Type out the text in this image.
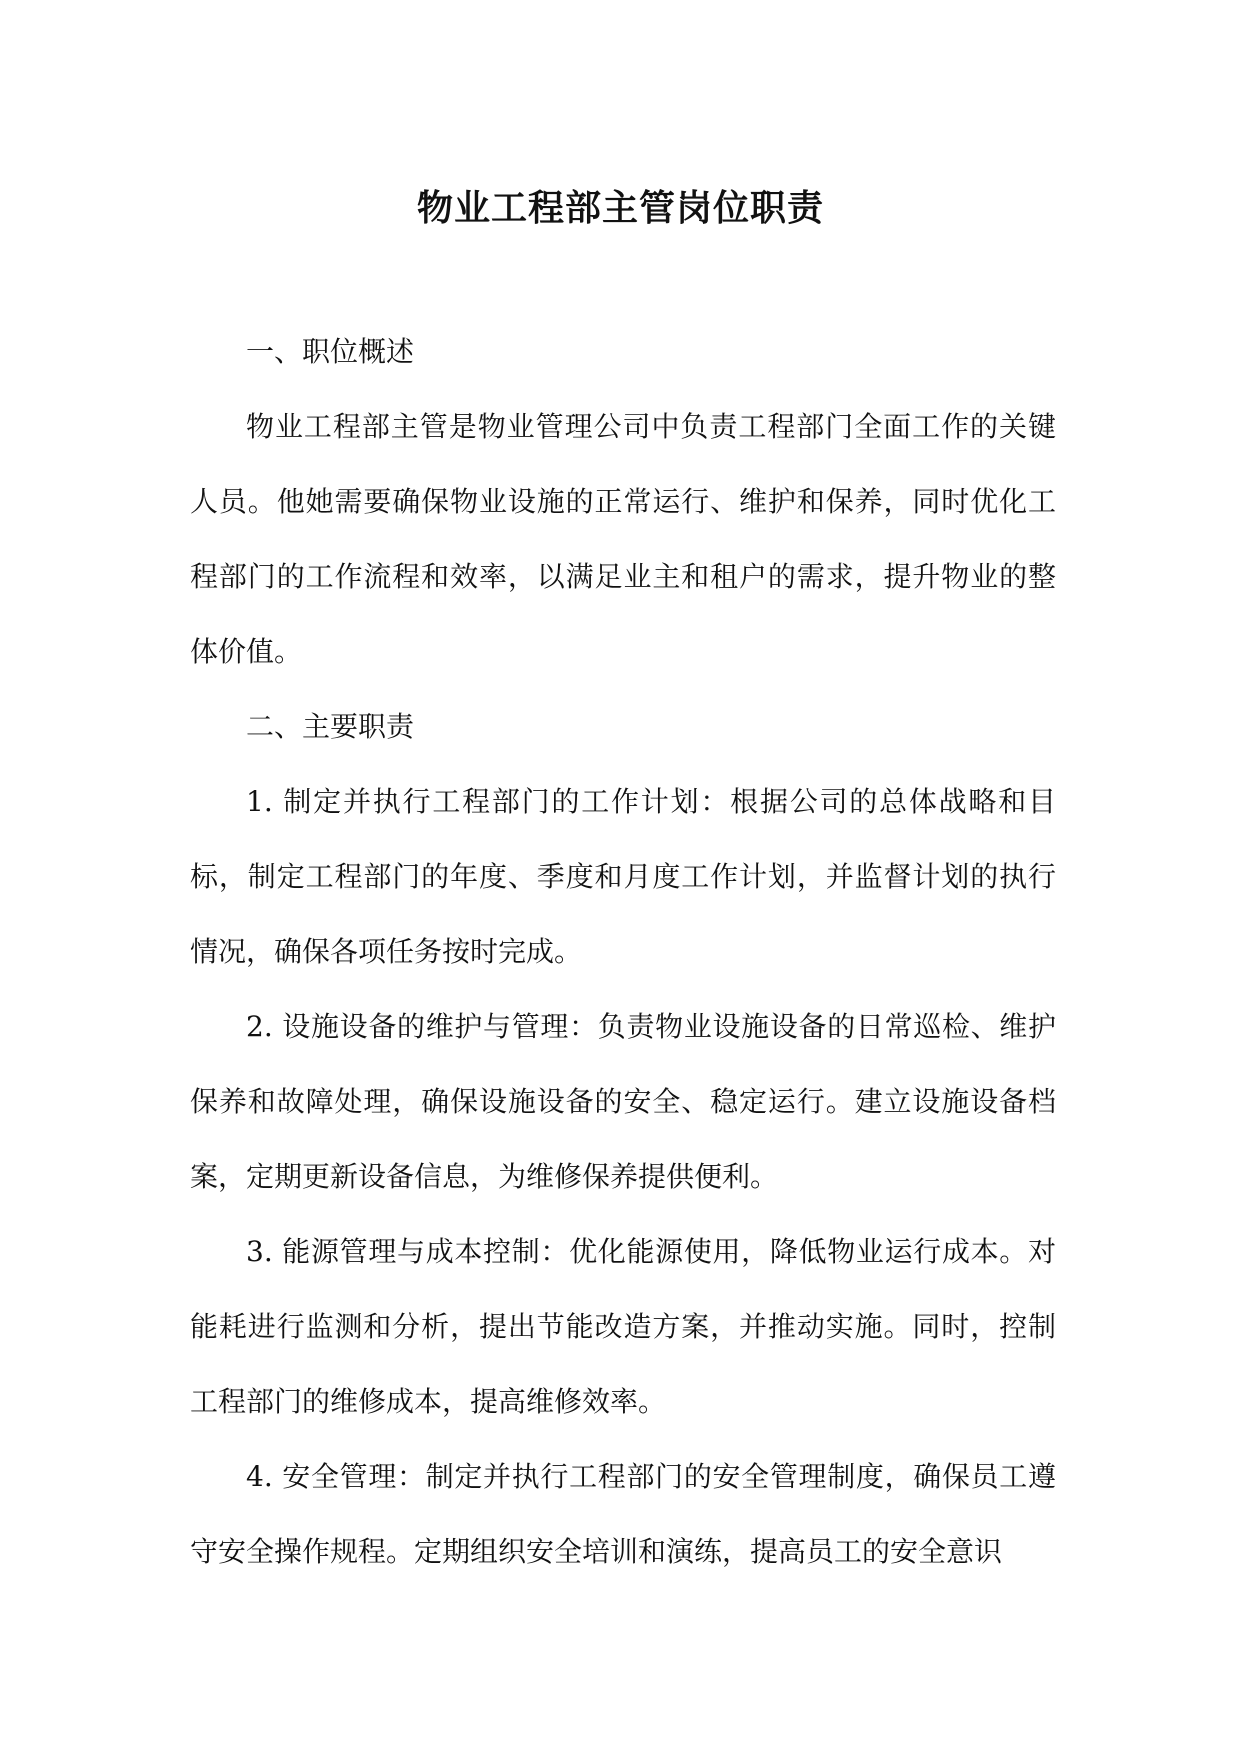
物业工程部主管岗位职责

一、职位概述

物业工程部主管是物业管理公司中负责工程部门全面工作的关键人员。他她需要确保物业设施的正常运行、维护和保养，同时优化工程部门的工作流程和效率，以满足业主和租户的需求，提升物业的整体价值。

二、主要职责

1. 制定并执行工程部门的工作计划：根据公司的总体战略和目标，制定工程部门的年度、季度和月度工作计划，并监督计划的执行情况，确保各项任务按时完成。

2. 设施设备的维护与管理：负责物业设施设备的日常巡检、维护保养和故障处理，确保设施设备的安全、稳定运行。建立设施设备档案，定期更新设备信息，为维修保养提供便利。

3. 能源管理与成本控制：优化能源使用，降低物业运行成本。对能耗进行监测和分析，提出节能改造方案，并推动实施。同时，控制工程部门的维修成本，提高维修效率。

4. 安全管理：制定并执行工程部门的安全管理制度，确保员工遵守安全操作规程。定期组织安全培训和演练，提高员工的安全意识
